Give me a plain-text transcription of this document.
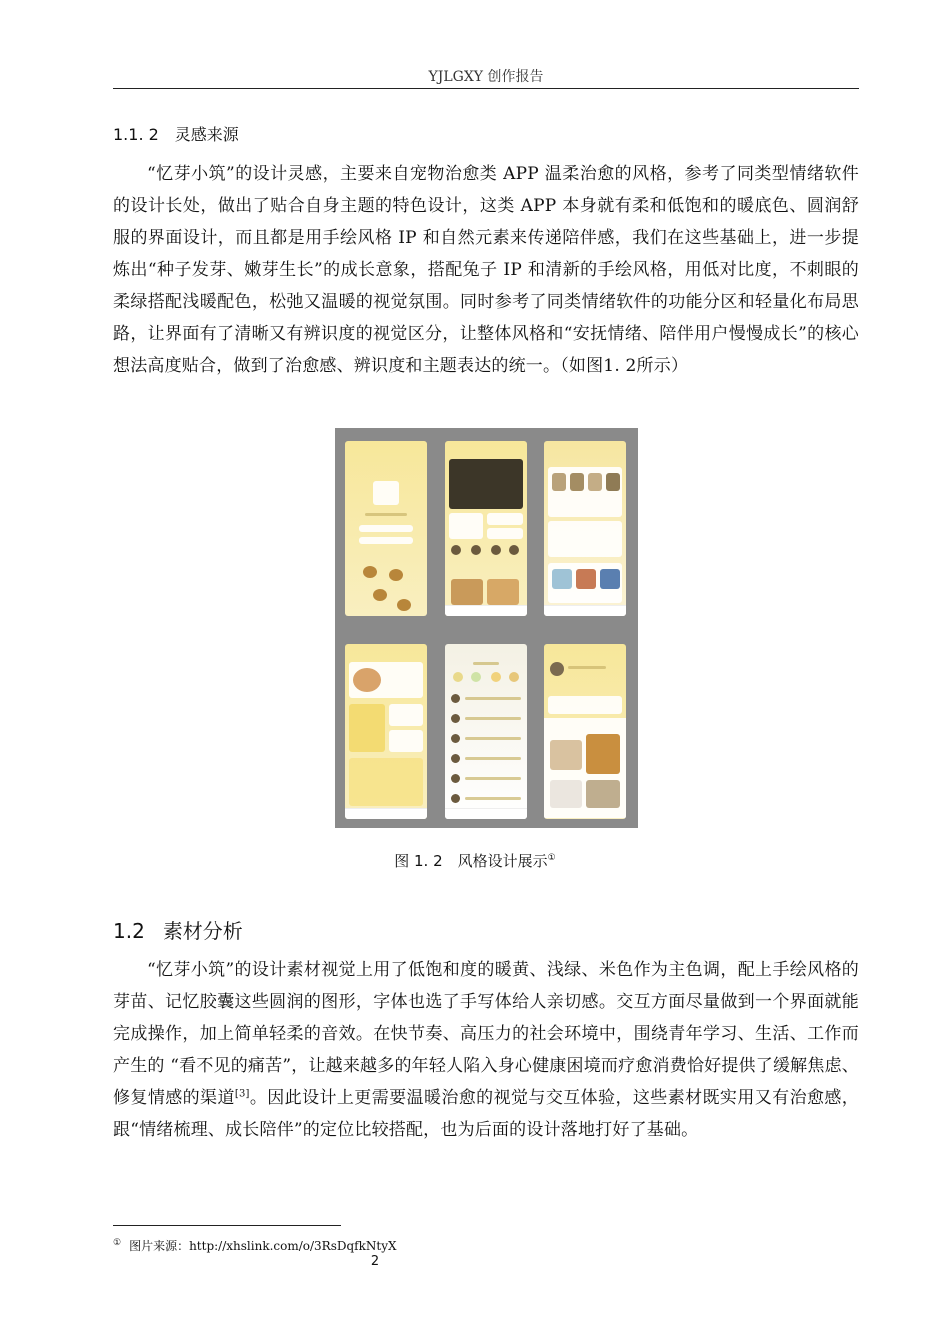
YJLGXY 创作报告
1.1. 2 灵感来源
“忆芽小筑”的设计灵感，主要来自宠物治愈类 APP 温柔治愈的风格，参考了同类型情绪软件的设计长处，做出了贴合自身主题的特色设计，这类 APP 本身就有柔和低饱和的暖底色、圆润舒服的界面设计，而且都是用手绘风格 IP 和自然元素来传递陪伴感，我们在这些基础上，进一步提炼出“种子发芽、嫩芽生长”的成长意象，搭配兔子 IP 和清新的手绘风格，用低对比度，不刺眼的柔绿搭配浅暖配色，松弛又温暖的视觉氛围。同时参考了同类情绪软件的功能分区和轻量化布局思路，让界面有了清晰又有辨识度的视觉区分，让整体风格和“安抚情绪、陪伴用户慢慢成长”的核心想法高度贴合，做到了治愈感、辨识度和主题表达的统一。（如图1. 2所示）
图 1. 2　风格设计展示①
1.2 素材分析
“忆芽小筑”的设计素材视觉上用了低饱和度的暖黄、浅绿、米色作为主色调，配上手绘风格的芽苗、记忆胶囊这些圆润的图形，字体也选了手写体给人亲切感。交互方面尽量做到一个界面就能完成操作，加上简单轻柔的音效。在快节奏、高压力的社会环境中，围绕青年学习、生活、工作而产生的 “看不见的痛苦”，让越来越多的年轻人陷入身心健康困境而疗愈消费恰好提供了缓解焦虑、修复情感的渠道[3]。因此设计上更需要温暖治愈的视觉与交互体验，这些素材既实用又有治愈感，跟“情绪梳理、成长陪伴”的定位比较搭配，也为后面的设计落地打好了基础。
① 图片来源：http://xhslink.com/o/3RsDqfkNtyX
2
